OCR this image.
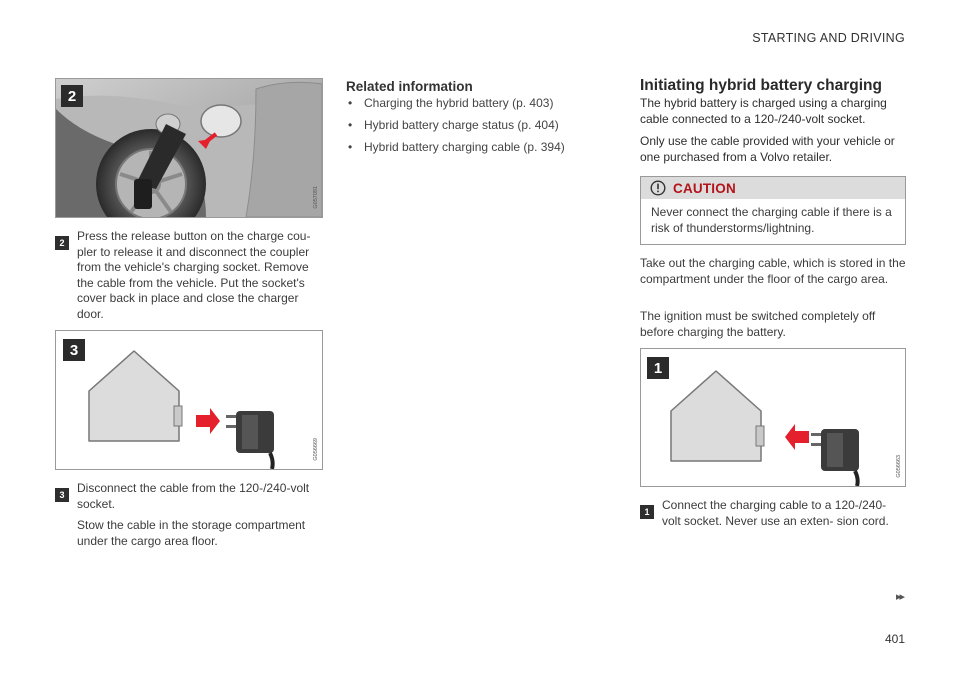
STARTING AND DRIVING
2
G057091
2	Press the release button on the charge cou- pler to release it and disconnect the coupler from the vehicle's charging socket. Remove the cable from the vehicle. Put the socket's cover back in place and close the charger door.
3
G056669
3	Disconnect the cable from the 120-/240-volt socket.
Stow the cable in the storage compartment under the cargo area floor.
Related information
• Charging the hybrid battery (p. 403)
• Hybrid battery charge status (p. 404)
• Hybrid battery charging cable (p. 394)
Initiating hybrid battery charging
The hybrid battery is charged using a charging cable connected to a 120-/240-volt socket.
Only use the cable provided with your vehicle or one purchased from a Volvo retailer.
CAUTION
Never connect the charging cable if there is a risk of thunderstorms/lightning.
Take out the charging cable, which is stored in the compartment under the floor of the cargo area.
The ignition must be switched completely off before charging the battery.
1
G056663
1	Connect the charging cable to a 120-/240-volt socket. Never use an exten- sion cord.
▸▸
401
